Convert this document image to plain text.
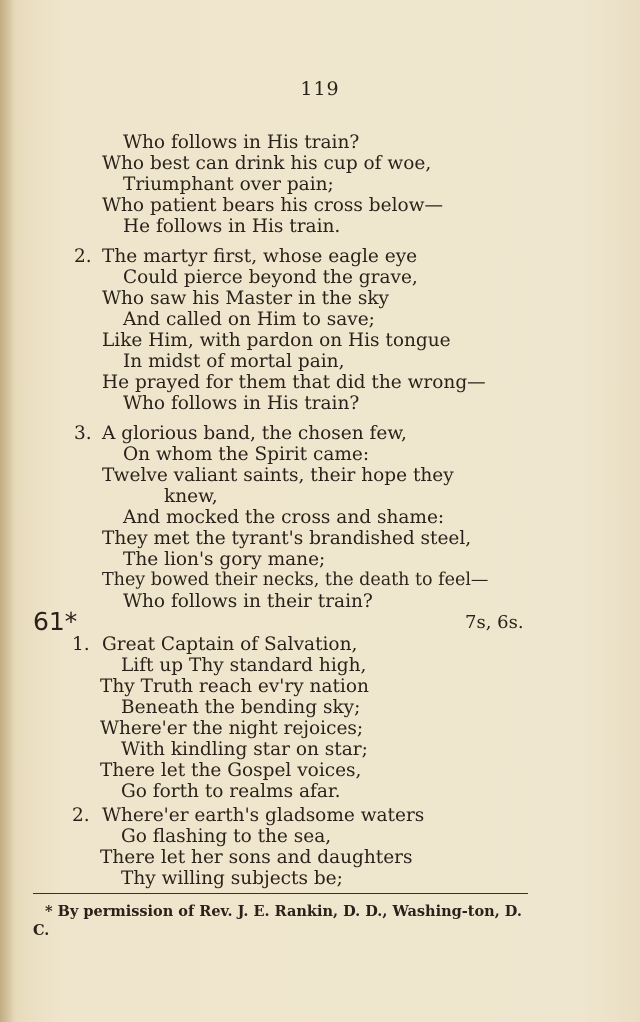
119
Who follows in His train?
Who best can drink his cup of woe,
Triumphant over pain;
Who patient bears his cross below—
He follows in His train.
2. The martyr first, whose eagle eye
Could pierce beyond the grave,
Who saw his Master in the sky
And called on Him to save;
Like Him, with pardon on His tongue
In midst of mortal pain,
He prayed for them that did the wrong—
Who follows in His train?
3. A glorious band, the chosen few,
On whom the Spirit came:
Twelve valiant saints, their hope they
knew,
And mocked the cross and shame:
They met the tyrant's brandished steel,
The lion's gory mane;
They bowed their necks, the death to feel—
Who follows in their train?
61*	7s, 6s.
1. Great Captain of Salvation,
Lift up Thy standard high,
Thy Truth reach ev'ry nation
Beneath the bending sky;
Where'er the night rejoices;
With kindling star on star;
There let the Gospel voices,
Go forth to realms afar.
2. Where'er earth's gladsome waters
Go flashing to the sea,
There let her sons and daughters
Thy willing subjects be;
* By permission of Rev. J. E. Rankin, D. D., Washing-ton, D. C.
